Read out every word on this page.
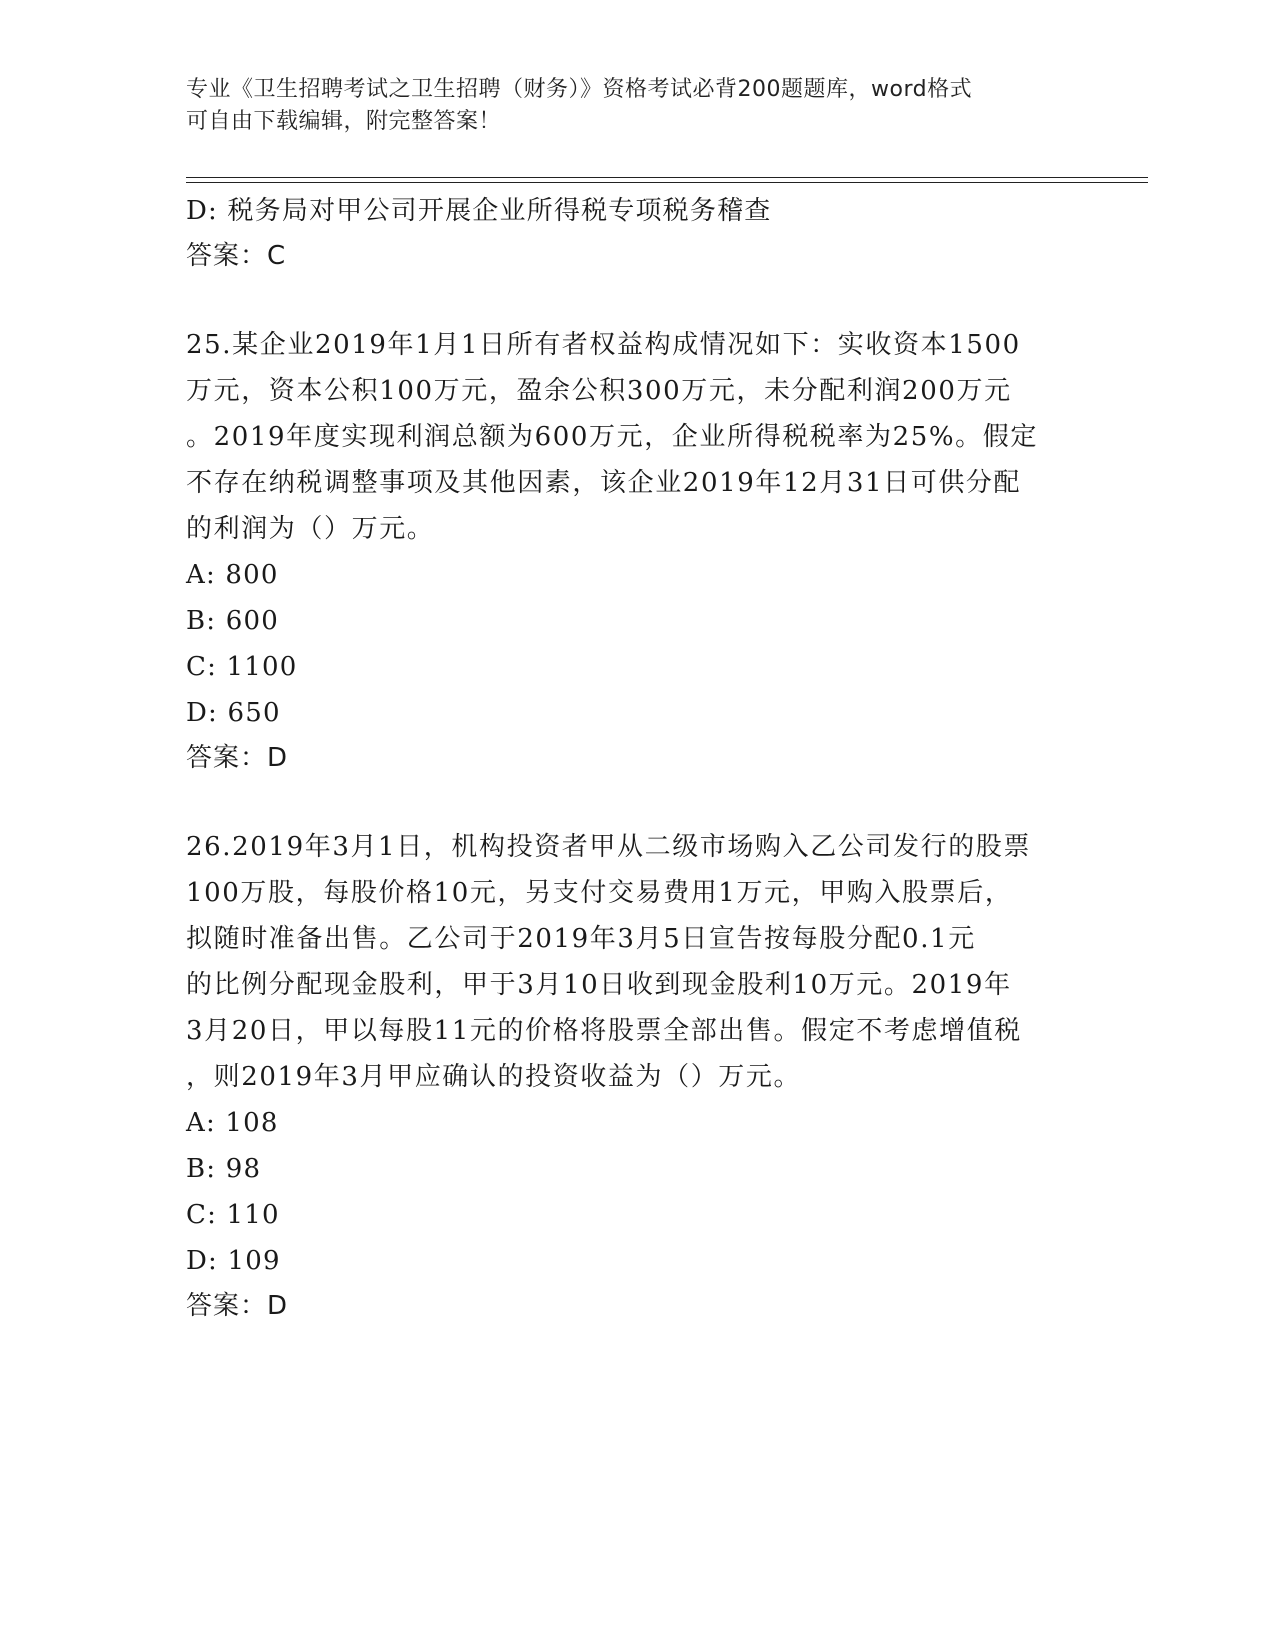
专业《卫生招聘考试之卫生招聘（财务）》资格考试必背200题题库，word格式
可自由下载编辑，附完整答案！
D: 税务局对甲公司开展企业所得税专项税务稽查
答案：C
25.某企业2019年1月1日所有者权益构成情况如下：实收资本1500
万元，资本公积100万元，盈余公积300万元，未分配利润200万元
。2019年度实现利润总额为600万元，企业所得税税率为25%。假定
不存在纳税调整事项及其他因素，该企业2019年12月31日可供分配
的利润为（）万元。
A: 800
B: 600
C: 1100
D: 650
答案：D
26.2019年3月1日，机构投资者甲从二级市场购入乙公司发行的股票
100万股，每股价格10元，另支付交易费用1万元，甲购入股票后，
拟随时准备出售。乙公司于2019年3月5日宣告按每股分配0.1元
的比例分配现金股利，甲于3月10日收到现金股利10万元。2019年
3月20日，甲以每股11元的价格将股票全部出售。假定不考虑增值税
，则2019年3月甲应确认的投资收益为（）万元。
A: 108
B: 98
C: 110
D: 109
答案：D
